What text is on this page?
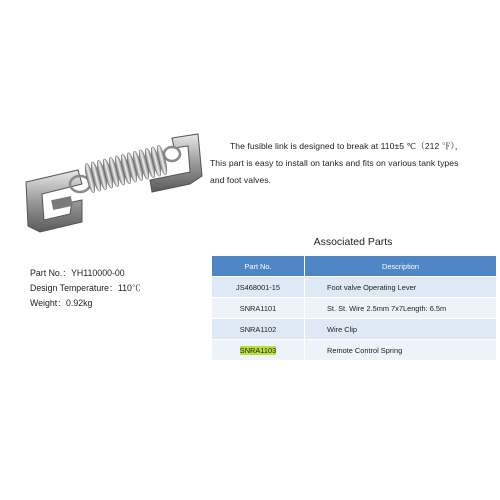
The fusible link is designed to break at 110±5 ℃（212 ℉），
This part is easy to install on tanks and fits on various tank types
and foot valves.
Associated Parts
Part No.：YH110000-00
Design Temperature：110℃
Weight：0.92kg
Part No.	Description
JS468001-15	Foot valve Operating Lever
SNRA1101	St. St. Wire 2.5mm 7x7Length: 6.5m
SNRA1102	Wire Clip
SNRA1103	Remote Control Spring
